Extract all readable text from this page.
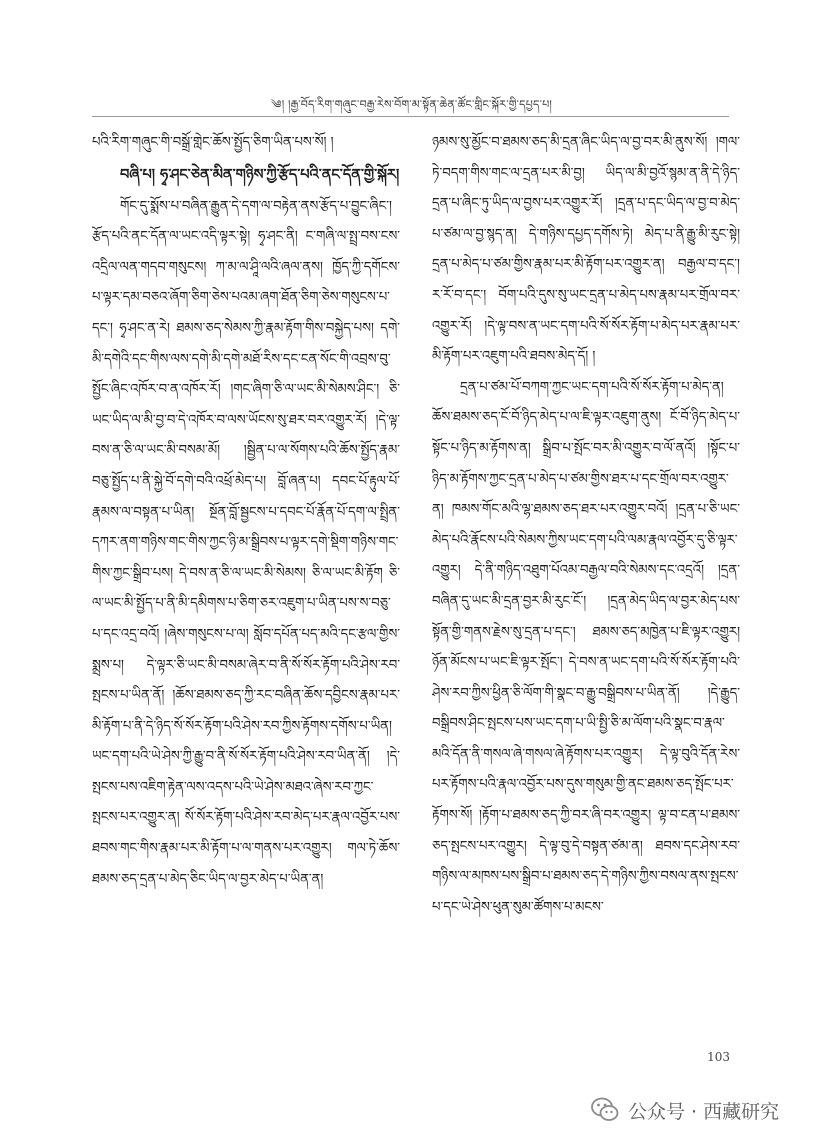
༄། །རྒྱ་བོད་རིག་གཞུང་བརྒྱ་རེས་བོག་མ་སྟོན་ཆེན་ཚོང་གླིང་སྐོར་གྱི་དཔྱད་པ།

པའི་རིག་གཞུང་གི་བསྒྲོ་གླེང་ཆོས་སྤྱོད་ཅིག་ཡིན་པས་སོ། །

བཞི་པ། ཧྭ་ཤང་ཅེན་མིན་གཉིས་ཀྱི་རྩོད་པའི་ནང་དོན་གྱི་སྐོར།

གོང་དུ་སྨོས་པ་བཞིན་རྒྱུན་དེ་དག་ལ་བརྟེན་ནས་རྩོད་པ་བྱུང་ཞིང་། རྩོད་པའི་ནང་དོན་ལ་ཡང་འདི་ལྟར་སྟེ། ཧྭ་ཤང་ནི། ང་གཞི་ལ་སྤྲ་བས་ངས་འདྲིལ་ལན་གདབ་གསུངས། ཀ་མ་ལ་ཤཱི་ལའི་ཞལ་ནས། ཁྱོད་ཀྱི་དགོངས་པ་ལྟར་དམ་བཅའ་ཞོག་ཅིག་ཅེས་པའམ་ཞག་ཐོན་ཅིག་ཅེས་གསུངས་པ་དང་། ཧྭ་ཤང་ན་རེ། ཐམས་ཅད་སེམས་ཀྱི་རྣམ་རྟོག་གིས་བསྐྱེད་པས། དགེ་མི་དགེའི་དང་གིས་ལས་དགེ་མི་དགེ་མཐོ་རིས་དང་ངན་སོང་གི་འབྲས་བུ་སྤྱོང་ཞིང་འཁོར་བ་ན་འཁོར་རོ། །གང་ཞིག་ཅི་ལ་ཡང་མི་སེམས་ཤིང་། ཅི་ཡང་ཡིད་ལ་མི་བྱ་བ་དེ་འཁོར་བ་ལས་ཡོངས་སུ་ཐར་བར་འགྱུར་རོ། །དེ་ལྟ་བས་ན་ཅི་ལ་ཡང་མི་བསམ་མོ། །སྦྱིན་པ་ལ་སོགས་པའི་ཆོས་སྤྱོད་རྣམ་བཅུ་སྤྱོད་པ་ནི་སྐྱེ་བོ་དགེ་བའི་འཕྲོ་མེད་པ། བློ་ཞན་པ། དབང་པོ་རྟུལ་པོ་རྣམས་ལ་བསྟན་པ་ཡིན། སྔོན་བློ་སྦྱངས་པ་དབང་པོ་རྣོན་པོ་དག་ལ་སྤྲིན་དཀར་ནག་གཉིས་གང་གིས་ཀྱང་ཉི་མ་སྒྲིབས་པ་ལྟར་དགེ་སྡིག་གཉིས་གང་གིས་ཀྱང་སྒྲིབ་པས། དེ་བས་ན་ཅི་ལ་ཡང་མི་སེམས། ཅི་ལ་ཡང་མི་རྟོག ཅི་ལ་ཡང་མི་སྤྱོད་པ་ནི་མི་དམིགས་པ་ཅིག་ཅར་འཇུག་པ་ཡིན་པས་ས་བཅུ་པ་དང་འདྲ་བའོ། །ཞེས་གསུངས་པ་ལ། སློབ་དཔོན་པད་མའི་དང་རྩལ་གྱིས་སྨྲས་པ། དེ་ལྟར་ཅི་ཡང་མི་བསམ་ཞེར་བ་ནི་སོ་སོར་རྟོག་པའི་ཤེས་རབ་སྤངས་པ་ཡིན་ནོ། །ཆོས་ཐམས་ཅད་ཀྱི་རང་བཞིན་ཆོས་དབྱིངས་རྣམ་པར་མི་རྟོག་པ་ནི་དེ་ཉིད་སོ་སོར་རྟོག་པའི་ཤེས་རབ་ཀྱིས་རྟོགས་དགོས་པ་ཡིན། ཡང་དག་པའི་ཡེ་ཤེས་ཀྱི་རྒྱུ་བ་ནི་སོ་སོར་རྟོག་པའི་ཤེས་རབ་ཡིན་ནོ། །དེ་སྤངས་པས་འཇིག་རྟེན་ལས་འདས་པའི་ཡེ་ཤེས་མཐའ་ཞེས་རབ་ཀྱང་སྤངས་པར་འགྱུར་ན། སོ་སོར་རྟོག་པའི་ཤེས་རབ་མེད་པར་རྣལ་འབྱོར་པས་ཐབས་གང་གིས་རྣམ་པར་མི་རྟོག་པ་ལ་གནས་པར་འགྱུར། གལ་ཏེ་ཆོས་ཐམས་ཅད་དྲན་པ་མེད་ཅིང་ཡིད་ལ་བྱར་མེད་པ་ཡིན་ན།

ཉམས་སུ་མྱོང་བ་ཐམས་ཅད་མི་དྲན་ཞིང་ཡིད་ལ་བྱ་བར་མི་ནུས་སོ། །གལ་ཏེ་བདག་གིས་གང་ལ་དྲན་པར་མི་བྱ། ཡིད་ལ་མི་བྱའོ་སྙམ་ན་ནི་དེ་ཉིད་དྲན་པ་ཞིང་ཏུ་ཡིད་ལ་བྱས་པར་འགྱུར་རོ། །དྲན་པ་དང་ཡིད་ལ་བྱ་བ་མེད་པ་ཙམ་ལ་བྱ་སྙད་ན། དེ་གཉིས་དཔྱད་དགོས་ཏེ། མེད་པ་ནི་རྒྱུ་མི་རུང་སྟེ། དྲན་པ་མེད་པ་ཙམ་གྱིས་རྣམ་པར་མི་རྟོག་པར་འགྱུར་ན། བརྒྱལ་བ་དང་། ར་རོ་བ་དང་། བོག་པའི་དུས་སུ་ཡང་དྲན་པ་མེད་པས་རྣམ་པར་གྲོལ་བར་འགྱུར་རོ། །དེ་ལྟ་བས་ན་ཡང་དག་པའི་སོ་སོར་རྟོག་པ་མེད་པར་རྣམ་པར་མི་རྟོག་པར་འཇུག་པའི་ཐབས་མེད་དོ། །

དྲན་པ་ཙམ་པོ་བཀག་ཀྱང་ཡང་དག་པའི་སོ་སོར་རྟོག་པ་མེད་ན། ཆོས་ཐམས་ཅད་ངོ་བོ་ཉིད་མེད་པ་ལ་ཇི་ལྟར་འཇུག་ནུས། ངོ་བོ་ཉིད་མེད་པ་སྟོང་པ་ཉིད་མ་རྟོགས་ན། སྒྲིབ་པ་སྤོང་བར་མི་འགྱུར་བ་ལོ་ནའོ། །སྟོང་པ་ཉིད་མ་རྟོགས་ཀྱང་དྲན་པ་མེད་པ་ཙམ་གྱིས་ཐར་པ་དང་གྲོལ་བར་འགྱུར་ན། ཁམས་གོང་མའི་ལྷ་ཐམས་ཅད་ཐར་པར་འགྱུར་བའོ། །དྲན་པ་ཅི་ཡང་མེད་པའི་རྣོངས་པའི་སེམས་ཀྱིས་ཡང་དག་པའི་ལམ་རྣལ་འབྱོར་དུ་ཅི་ལྟར་འགྱུར། དེ་ནི་གཉིད་འཐུག་པོའམ་བརྒྱལ་བའི་སེམས་དང་འདྲའོ། །དྲན་བཞིན་དུ་ཡང་མི་དྲན་བྱར་མི་རུང་ངོ་། །དྲན་མེད་ཡིད་ལ་བྱར་མེད་པས་སྟོན་གྱི་གནས་རྗེས་སུ་དྲན་པ་དང་། ཐམས་ཅད་མཁྱེན་པ་ཇི་ལྟར་འགྱུར། ཉོན་མོངས་པ་ཡང་ཇི་ལྟར་སྤོང་། དེ་བས་ན་ཡང་དག་པའི་སོ་སོར་རྟོག་པའི་ཤེས་རབ་ཀྱིས་ཕྱིན་ཅི་ལོག་གི་སྣང་བ་རྒྱུ་བསྒྲིབས་པ་ཡིན་ནོ། །དེ་རྒྱུད་བསྒྲིབས་ཤིང་སྤངས་པས་ཡང་དག་པ་ཡི་སྤྱི་ཅི་མ་ལོག་པའི་སྣང་བ་རྣལ་མའི་དོན་ནི་གསལ་ཞེ་གསལ་ཞེ་རྟོགས་པར་འགྱུར། དེ་ལྟ་བུའི་དོན་རེས་པར་རྟོགས་པའི་རྣལ་འབྱོར་པས་དུས་གསུམ་གྱི་ནང་ཐམས་ཅད་སྤོང་པར་རྟོགས་སོ། །རྟོག་པ་ཐམས་ཅད་ཀྱི་བར་ཞི་བར་འགྱུར། ལྟ་བ་ངན་པ་ཐམས་ཅད་སྤངས་པར་འགྱུར། དེ་ལྟ་བུ་དེ་བསྟན་ཙམ་ན། ཐབས་དང་ཤེས་རབ་གཉིས་ལ་མཁས་པས་སྒྲིབ་པ་ཐམས་ཅད་དེ་གཉིས་ཀྱིས་བསལ་ནས་སྤངས་པ་དང་ཡེ་ཤེས་ཕུན་སུམ་ཚོགས་པ་མངས་

103
公众号 · 西藏研究
